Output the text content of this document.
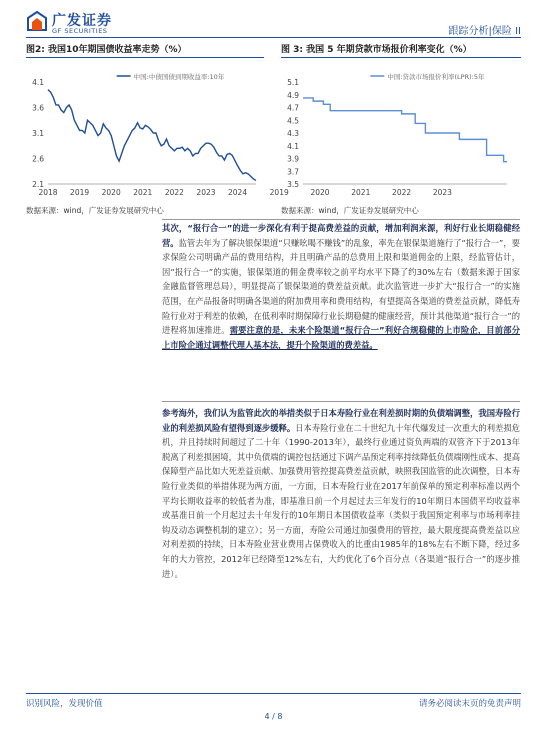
广发证券
GF SECURITIES	跟踪分析|保险 II
图2: 我国10年期国债收益率走势（%）	图 3: 我国 5 年期贷款市场报价利率变化（%）
4.1
3.6
3.1
2.6
2.1
2018 2019 2020 2021 2022 2023 2024
中国:中债国债到期收益率:10年
5.1
4.9
4.7
4.5
4.3
4.1
3.9
3.7
3.5
2019	2020	2021	2022	2023
中国:贷款市场报价利率(LPR):5年
数据来源：wind，广发证券发展研究中心	数据来源：wind，广发证券发展研究中心
其次，“报行合一”的进一步深化有利于提高费差益的贡献，增加利润来源，利好行业长期稳健经营。监管去年为了解决银保渠道“只赚吆喝不赚钱”的乱象，率先在银保渠道施行了“报行合一”，要求保险公司明确产品的费用结构，并且明确产品的总费用上限和渠道佣金的上限，经监管估计，因“报行合一”的实施，银保渠道的佣金费率较之前平均水平下降了约30%左右（数据来源于国家金融监督管理总局），明显提高了银保渠道的费差益贡献。此次监管进一步扩大“报行合一”的实施范围，在产品报备时明确各渠道的附加费用率和费用结构，有望提高各渠道的费差益贡献，降低寿险行业对于利差的依赖，在低利率时期保障行业长期稳健的健康经营，预计其他渠道“报行合一”的进程将加速推进。需要注意的是，未来个险渠道“报行合一”利好合规稳健的上市险企，目前部分上市险企通过调整代理人基本法，提升个险渠道的费差益。
参考海外，我们认为监管此次的举措类似于日本寿险行业在利差损时期的负债端调整，我国寿险行业的利差损风险有望得到逐步缓释。日本寿险行业在二十世纪九十年代爆发过一次重大的利差损危机，并且持续时间超过了二十年（1990-2013年），最终行业通过资负两端的双管齐下于2013年脱离了利差损困境，其中负债端的调控包括通过下调产品预定利率持续降低负债端刚性成本、提高保障型产品比如大死差益贡献、加强费用管控提高费差益贡献，映照我国监管的此次调整，日本寿险行业类似的举措体现为两方面，一方面，日本寿险行业在2017年前保单的预定利率标准以两个平均长期收益率的较低者为准，即基准日前一个月起过去三年发行的10年期日本国债平均收益率或基准日前一个月起过去十年发行的10年期日本国债收益率（类似于我国预定利率与市场利率挂钩及动态调整机制的建立）；另一方面，寿险公司通过加强费用的管控，最大限度提高费差益以应对利差损的持续，日本寿险业营业费用占保费收入的比重由1985年的18%左右不断下降，经过多年的大力管控，2012年已经降至12%左右，大约优化了6个百分点（各渠道“报行合一”的逐步推进）。
识别风险，发现价值	请务必阅读末页的免责声明
4 / 8
